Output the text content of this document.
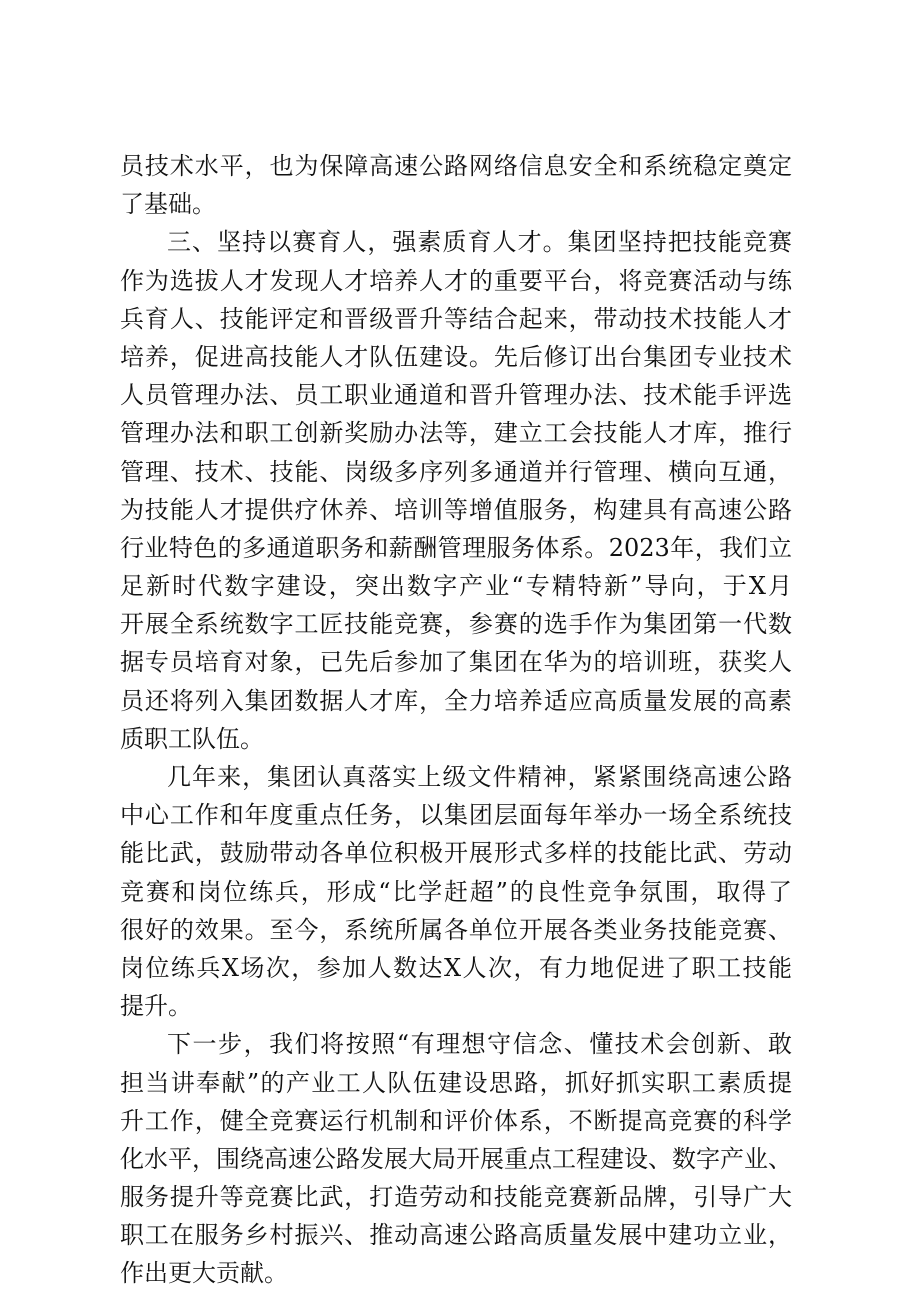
员技术水平，也为保障高速公路网络信息安全和系统稳定奠定
了基础。
三、坚持以赛育人，强素质育人才。集团坚持把技能竞赛
作为选拔人才发现人才培养人才的重要平台，将竞赛活动与练
兵育人、技能评定和晋级晋升等结合起来，带动技术技能人才
培养，促进高技能人才队伍建设。先后修订出台集团专业技术
人员管理办法、员工职业通道和晋升管理办法、技术能手评选
管理办法和职工创新奖励办法等，建立工会技能人才库，推行
管理、技术、技能、岗级多序列多通道并行管理、横向互通，
为技能人才提供疗休养、培训等增值服务，构建具有高速公路
行业特色的多通道职务和薪酬管理服务体系。2023年，我们立
足新时代数字建设，突出数字产业“专精特新”导向，于X月
开展全系统数字工匠技能竞赛，参赛的选手作为集团第一代数
据专员培育对象，已先后参加了集团在华为的培训班，获奖人
员还将列入集团数据人才库，全力培养适应高质量发展的高素
质职工队伍。
几年来，集团认真落实上级文件精神，紧紧围绕高速公路
中心工作和年度重点任务，以集团层面每年举办一场全系统技
能比武，鼓励带动各单位积极开展形式多样的技能比武、劳动
竞赛和岗位练兵，形成“比学赶超”的良性竞争氛围，取得了
很好的效果。至今，系统所属各单位开展各类业务技能竞赛、
岗位练兵X场次，参加人数达X人次，有力地促进了职工技能
提升。
下一步，我们将按照“有理想守信念、懂技术会创新、敢
担当讲奉献”的产业工人队伍建设思路，抓好抓实职工素质提
升工作，健全竞赛运行机制和评价体系，不断提高竞赛的科学
化水平，围绕高速公路发展大局开展重点工程建设、数字产业、
服务提升等竞赛比武，打造劳动和技能竞赛新品牌，引导广大
职工在服务乡村振兴、推动高速公路高质量发展中建功立业，
作出更大贡献。
